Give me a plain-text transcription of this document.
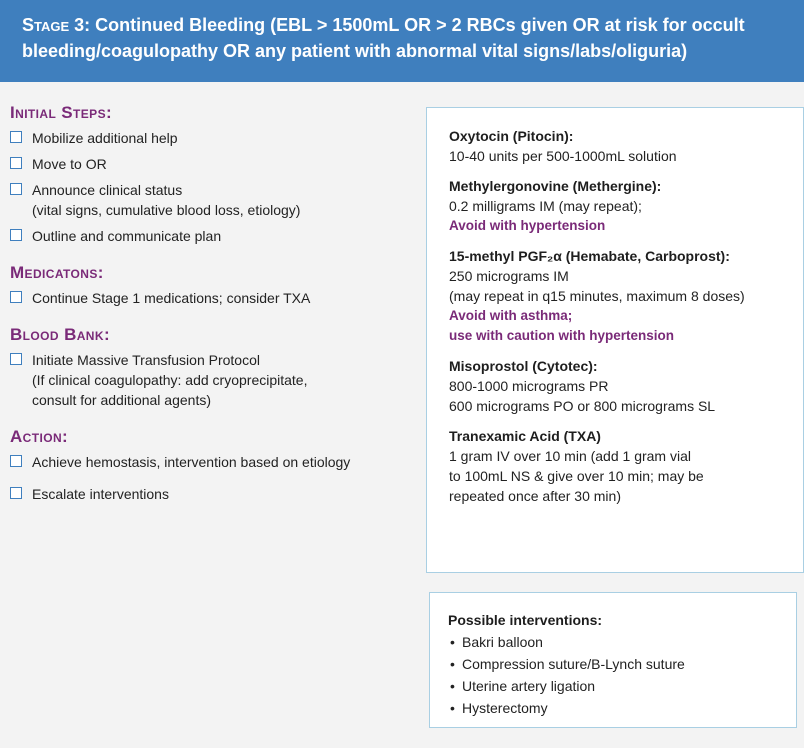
Stage 3: Continued Bleeding (EBL > 1500mL OR > 2 RBCs given OR at risk for occult
bleeding/coagulopathy OR any patient with abnormal vital signs/labs/oliguria)
Initial Steps:
Mobilize additional help
Move to OR
Announce clinical status
(vital signs, cumulative blood loss, etiology)
Outline and communicate plan
Medicatons:
Continue Stage 1 medications; consider TXA
Blood Bank:
Initiate Massive Transfusion Protocol
(If clinical coagulopathy: add cryoprecipitate,
consult for additional agents)
Action:
Achieve hemostasis, intervention based on etiology
Escalate interventions
Oxytocin (Pitocin):
10-40 units per 500-1000mL solution
Methylergonovine (Methergine):
0.2 milligrams IM (may repeat);
Avoid with hypertension
15-methyl PGF₂α (Hemabate, Carboprost):
250 micrograms IM
(may repeat in q15 minutes, maximum 8 doses)
Avoid with asthma;
use with caution with hypertension
Misoprostol (Cytotec):
800-1000 micrograms PR
600 micrograms PO or 800 micrograms SL
Tranexamic Acid (TXA)
1 gram IV over 10 min (add 1 gram vial
to 100mL NS & give over 10 min; may be
repeated once after 30 min)
Possible interventions:
• Bakri balloon
• Compression suture/B-Lynch suture
• Uterine artery ligation
• Hysterectomy
